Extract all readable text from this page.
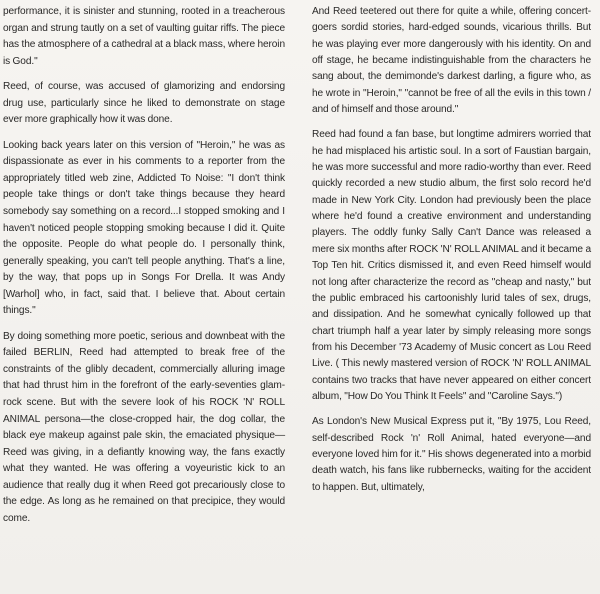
performance, it is sinister and stunning, rooted in a treacherous organ and strung tautly on a set of vaulting guitar riffs. The piece has the atmosphere of a cathedral at a black mass, where heroin is God."

Reed, of course, was accused of glamorizing and endorsing drug use, particularly since he liked to demonstrate on stage ever more graphically how it was done.

Looking back years later on this version of "Heroin," he was as dispassionate as ever in his comments to a reporter from the appropriately titled web zine, Addicted To Noise: "I don't think people take things or don't take things because they heard somebody say something on a record...I stopped smoking and I haven't noticed people stopping smoking because I did it. Quite the opposite. People do what people do. I personally think, generally speaking, you can't tell people anything. That's a line, by the way, that pops up in Songs For Drella. It was Andy [Warhol] who, in fact, said that. I believe that. About certain things."

By doing something more poetic, serious and downbeat with the failed BERLIN, Reed had attempted to break free of the constraints of the glibly decadent, commercially alluring image that had thrust him in the forefront of the early-seventies glam-rock scene. But with the severe look of his ROCK 'N' ROLL ANIMAL persona—the close-cropped hair, the dog collar, the black eye makeup against pale skin, the emaciated physique—Reed was giving, in a defiantly knowing way, the fans exactly what they wanted. He was offering a voyeuristic kick to an audience that really dug it when Reed got precariously close to the edge. As long as he remained on that precipice, they would come.

And Reed teetered out there for quite a while, offering concert-goers sordid stories, hard-edged sounds, vicarious thrills. But he was playing ever more dangerously with his identity. On and off stage, he became indistinguishable from the characters he sang about, the demimonde's darkest darling, a figure who, as he wrote in "Heroin," "cannot be free of all the evils in this town / and of himself and those around."

Reed had found a fan base, but longtime admirers worried that he had misplaced his artistic soul. In a sort of Faustian bargain, he was more successful and more radio-worthy than ever. Reed quickly recorded a new studio album, the first solo record he'd made in New York City. London had previously been the place where he'd found a creative environment and understanding players. The oddly funky Sally Can't Dance was released a mere six months after ROCK 'N' ROLL ANIMAL and it became a Top Ten hit. Critics dismissed it, and even Reed himself would not long after characterize the record as "cheap and nasty," but the public embraced his cartoonishly lurid tales of sex, drugs, and dissipation. And he somewhat cynically followed up that chart triumph half a year later by simply releasing more songs from his December '73 Academy of Music concert as Lou Reed Live. ( This newly mastered version of ROCK 'N' ROLL ANIMAL contains two tracks that have never appeared on either concert album, "How Do You Think It Feels" and "Caroline Says.")

As London's New Musical Express put it, "By 1975, Lou Reed, self-described Rock 'n' Roll Animal, hated everyone—and everyone loved him for it." His shows degenerated into a morbid death watch, his fans like rubbernecks, waiting for the accident to happen. But, ultimately,
